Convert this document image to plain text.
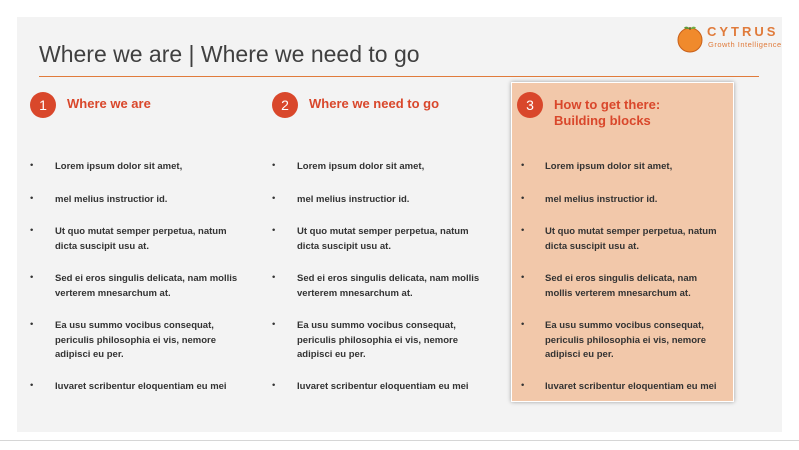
Where we are | Where we need to go
CYTRUS
Growth Intelligence
1	Where we are
• Lorem ipsum dolor sit amet,
• mel melius instructior id.
• Ut quo mutat semper perpetua, natum dicta suscipit usu at.
• Sed ei eros singulis delicata, nam mollis verterem mnesarchum at.
• Ea usu summo vocibus consequat, periculis philosophia ei vis, nemore adipisci eu per.
• Iuvaret scribentur eloquentiam eu mei
2	Where we need to go
• Lorem ipsum dolor sit amet,
• mel melius instructior id.
• Ut quo mutat semper perpetua, natum dicta suscipit usu at.
• Sed ei eros singulis delicata, nam mollis verterem mnesarchum at.
• Ea usu summo vocibus consequat, periculis philosophia ei vis, nemore adipisci eu per.
• Iuvaret scribentur eloquentiam eu mei
3	How to get there: Building blocks
• Lorem ipsum dolor sit amet,
• mel melius instructior id.
• Ut quo mutat semper perpetua, natum dicta suscipit usu at.
• Sed ei eros singulis delicata, nam mollis verterem mnesarchum at.
• Ea usu summo vocibus consequat, periculis philosophia ei vis, nemore adipisci eu per.
• Iuvaret scribentur eloquentiam eu mei
